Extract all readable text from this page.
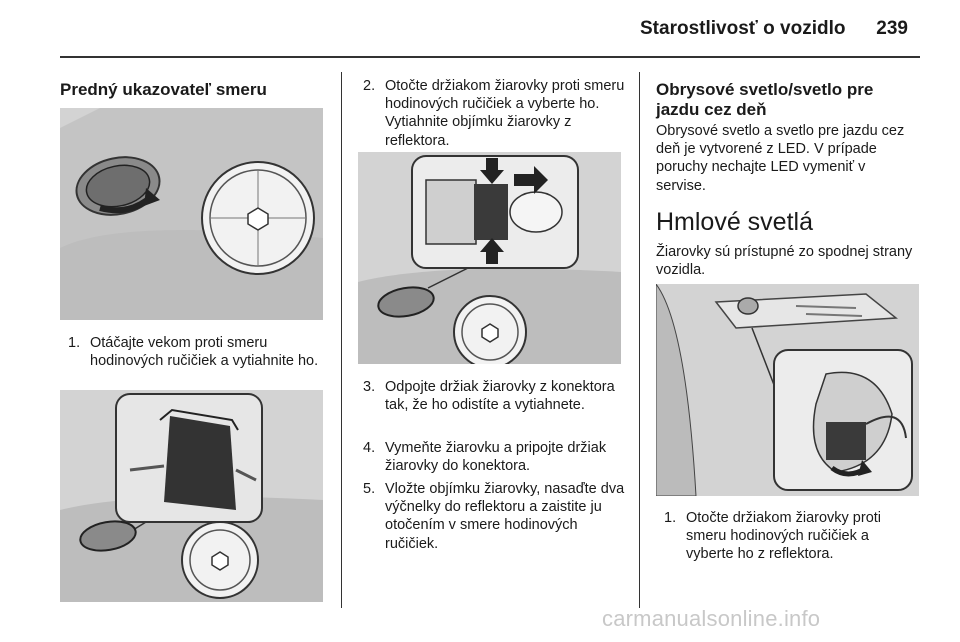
Starostlivosť o vozidlo 239
Predný ukazovateľ smeru
1. Otáčajte vekom proti smeru hodinových ručičiek a vytiahnite ho.
2. Otočte držiakom žiarovky proti smeru hodinových ručičiek a vyberte ho. Vytiahnite objímku žiarovky z reflektora.
3. Odpojte držiak žiarovky z konektora tak, že ho odistíte a vytiahnete.
4. Vymeňte žiarovku a pripojte držiak žiarovky do konektora.
5. Vložte objímku žiarovky, nasaďte dva výčnelky do reflektoru a zaistite ju otočením v smere hodinových ručičiek.
Obrysové svetlo/svetlo pre jazdu cez deň
Obrysové svetlo a svetlo pre jazdu cez deň je vytvorené z LED. V prípade poruchy nechajte LED vymeniť v servise.
Hmlové svetlá
Žiarovky sú prístupné zo spodnej strany vozidla.
1. Otočte držiakom žiarovky proti smeru hodinových ručičiek a vyberte ho z reflektora.
carmanualsonline.info
